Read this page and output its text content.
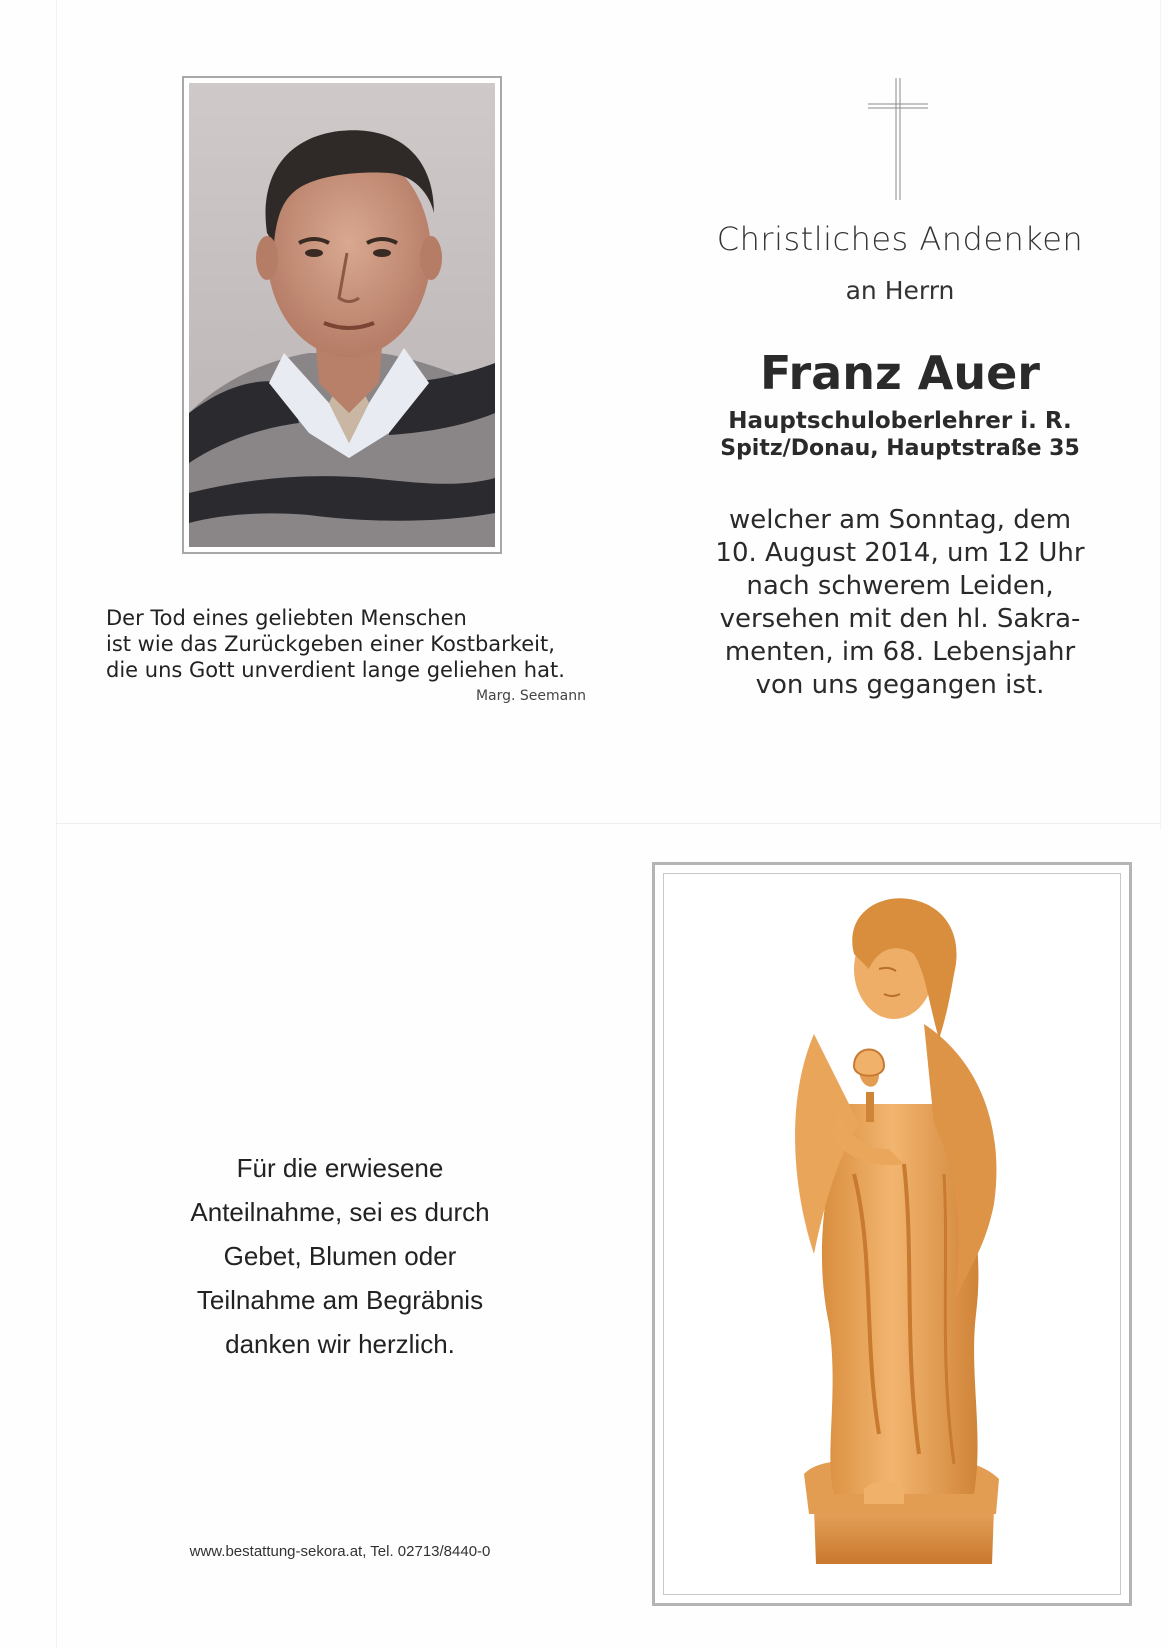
Der Tod eines geliebten Menschen

ist wie das Zurückgeben einer Kostbarkeit,

die uns Gott unverdient lange geliehen hat.

Marg. Seemann
Christliches Andenken
an Herrn
Franz Auer
Hauptschuloberlehrer i. R.
Spitz/Donau, Hauptstraße 35

welcher am Sonntag, dem

10. August 2014, um 12 Uhr

nach schwerem Leiden,

versehen mit den hl. Sakra-

menten, im 68. Lebensjahr

von uns gegangen ist.

Für die erwiesene

Anteilnahme, sei es durch

Gebet, Blumen oder

Teilnahme am Begräbnis

danken wir herzlich.

www.bestattung-sekora.at, Tel. 02713/8440-0
